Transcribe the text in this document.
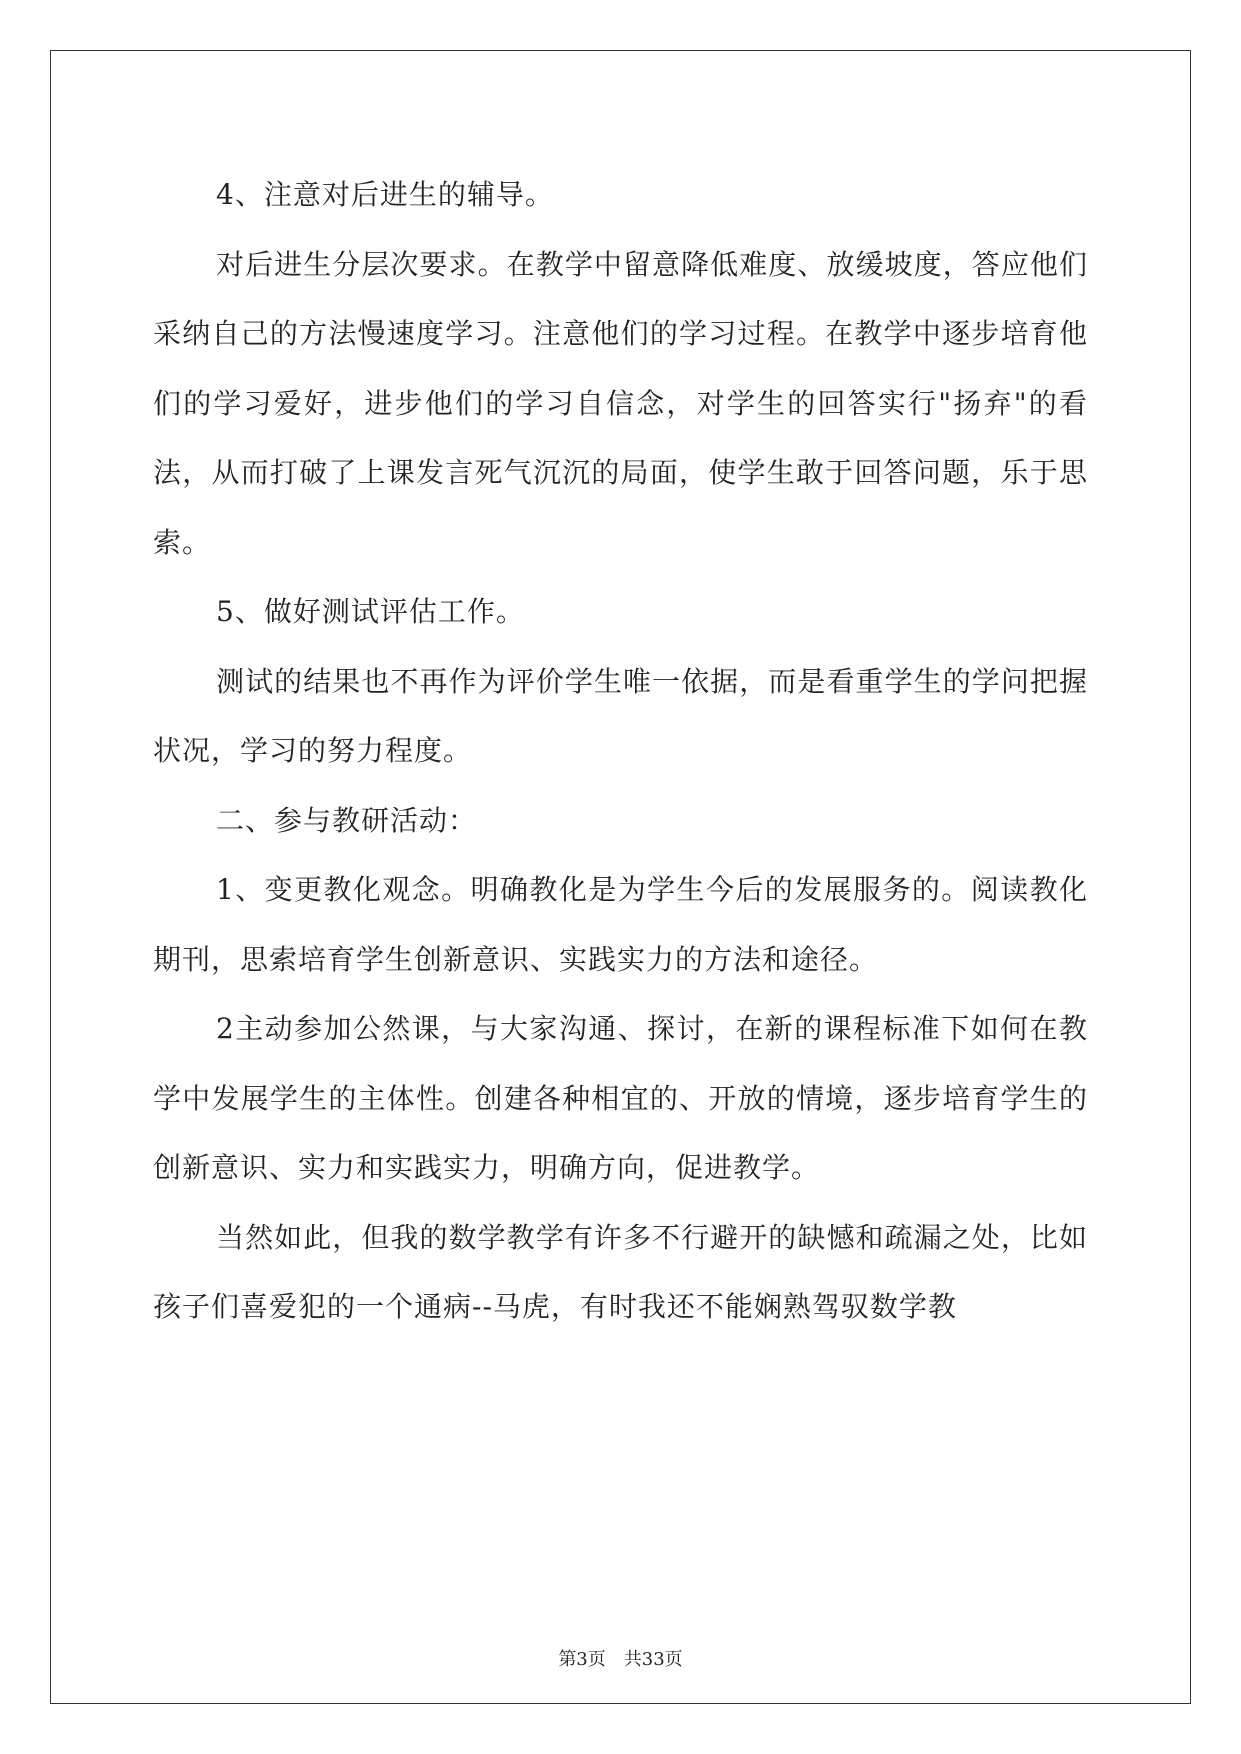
4、注意对后进生的辅导。

对后进生分层次要求。在教学中留意降低难度、放缓坡度，答应他们采纳自己的方法慢速度学习。注意他们的学习过程。在教学中逐步培育他们的学习爱好，进步他们的学习自信念，对学生的回答实行"扬弃"的看法，从而打破了上课发言死气沉沉的局面，使学生敢于回答问题，乐于思索。

5、做好测试评估工作。

测试的结果也不再作为评价学生唯一依据，而是看重学生的学问把握状况，学习的努力程度。

二、参与教研活动：

1、变更教化观念。明确教化是为学生今后的发展服务的。阅读教化期刊，思索培育学生创新意识、实践实力的方法和途径。

2主动参加公然课，与大家沟通、探讨，在新的课程标准下如何在教学中发展学生的主体性。创建各种相宜的、开放的情境，逐步培育学生的创新意识、实力和实践实力，明确方向，促进教学。

当然如此，但我的数学教学有许多不行避开的缺憾和疏漏之处，比如孩子们喜爱犯的一个通病--马虎，有时我还不能娴熟驾驭数学教

第3页　共33页
